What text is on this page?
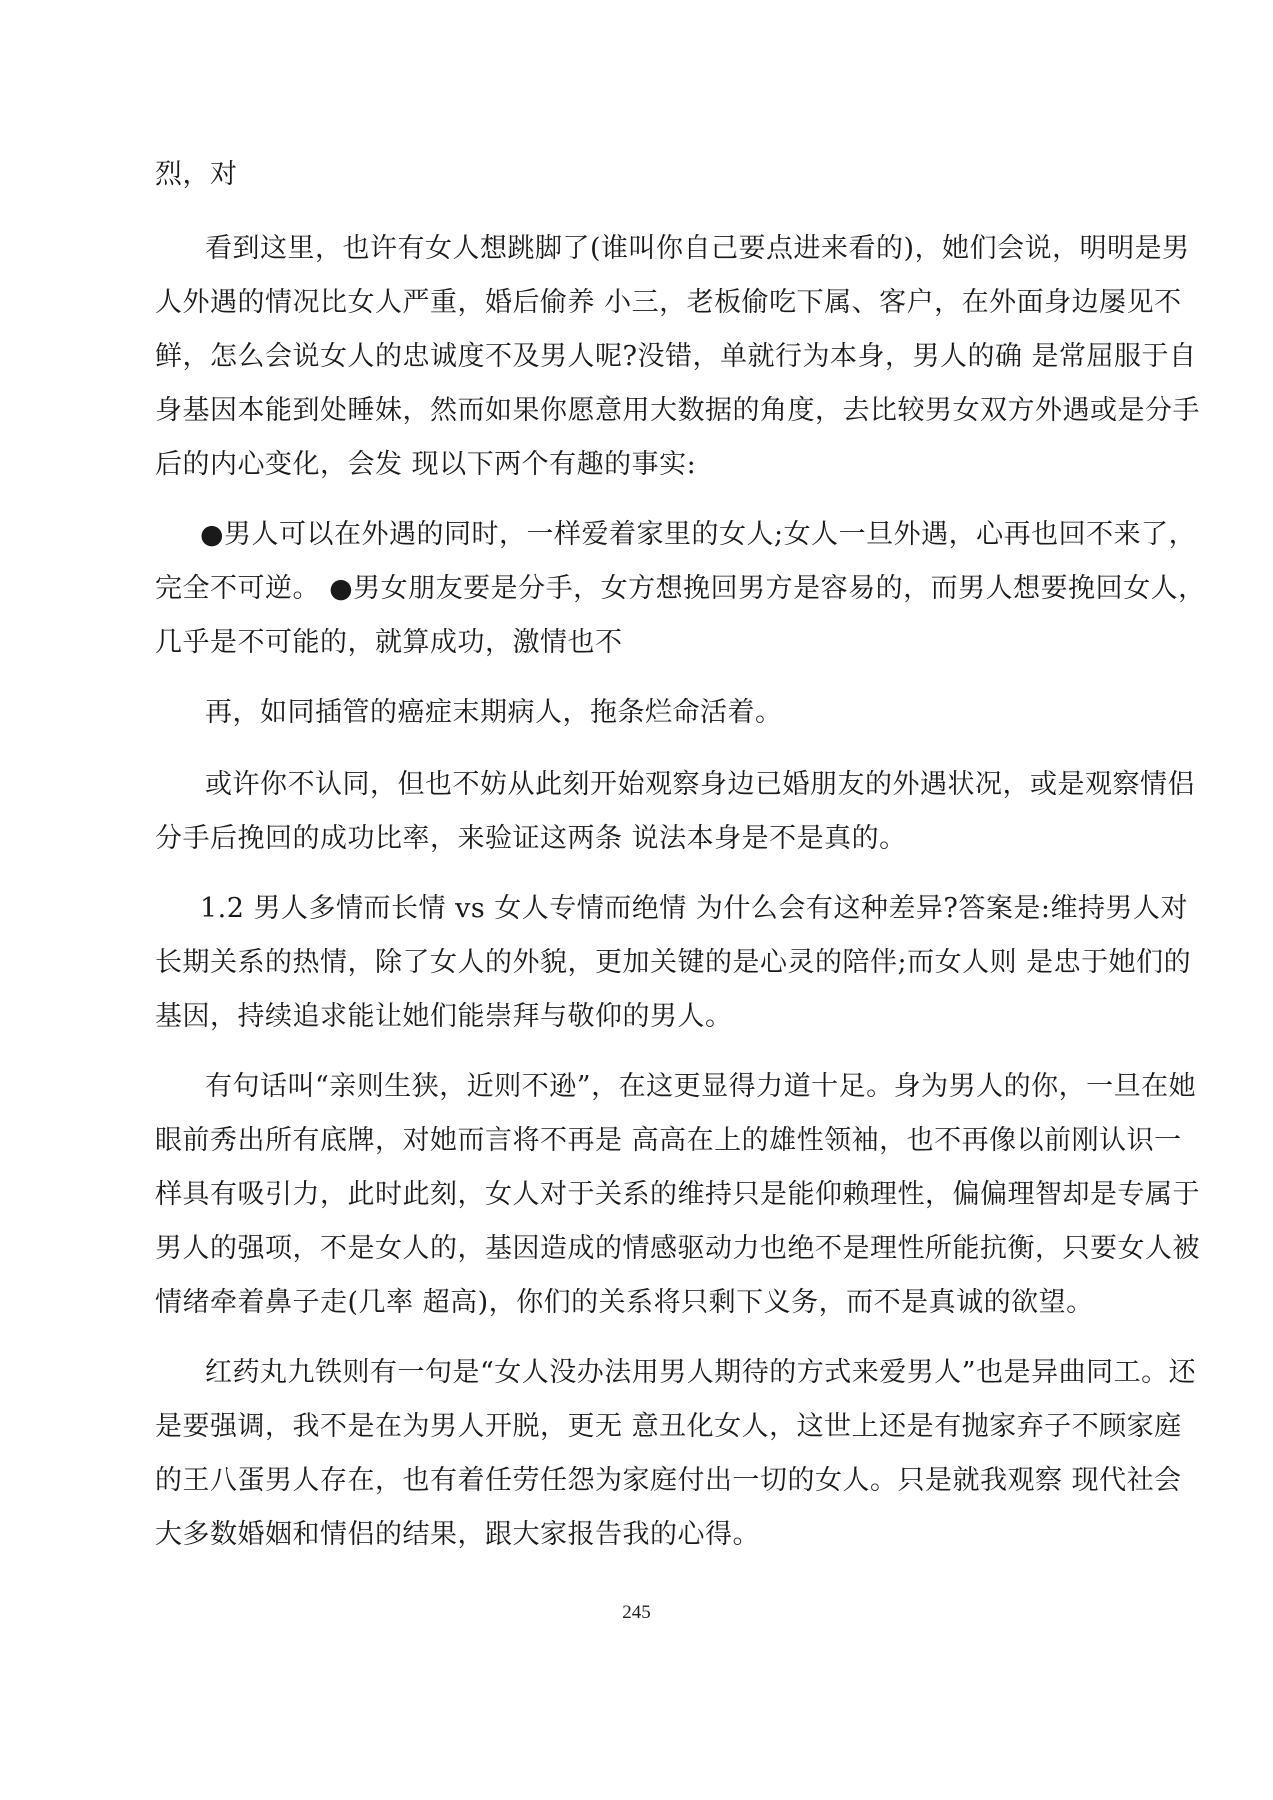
烈，对 
看到这里，也许有女人想跳脚了(谁叫你自己要点进来看的)，她们会说，明明是男
人外遇的情况比女人严重，婚后偷养 小三，老板偷吃下属、客户，在外面身边屡见不
鲜，怎么会说女人的忠诚度不及男人呢?没错，单就行为本身，男人的确 是常屈服于自
身基因本能到处睡妹，然而如果你愿意用大数据的角度，去比较男女双方外遇或是分手
后的内心变化，会发 现以下两个有趣的事实:
●男人可以在外遇的同时，一样爱着家里的女人;女人一旦外遇，心再也回不来了，
完全不可逆。 ●男女朋友要是分手，女方想挽回男方是容易的，而男人想要挽回女人，
几乎是不可能的，就算成功，激情也不
再，如同插管的癌症末期病人，拖条烂命活着。
或许你不认同，但也不妨从此刻开始观察身边已婚朋友的外遇状况，或是观察情侣
分手后挽回的成功比率，来验证这两条 说法本身是不是真的。
1.2 男人多情而长情 vs 女人专情而绝情 为什么会有这种差异?答案是:维持男人对
长期关系的热情，除了女人的外貌，更加关键的是心灵的陪伴;而女人则 是忠于她们的
基因，持续追求能让她们能崇拜与敬仰的男人。
有句话叫“亲则生狭，近则不逊”，在这更显得力道十足。身为男人的你，一旦在她
眼前秀出所有底牌，对她而言将不再是 高高在上的雄性领袖，也不再像以前刚认识一
样具有吸引力，此时此刻，女人对于关系的维持只是能仰赖理性，偏偏理智却是专属于
男人的强项，不是女人的，基因造成的情感驱动力也绝不是理性所能抗衡，只要女人被
情绪牵着鼻子走(几率 超高)，你们的关系将只剩下义务，而不是真诚的欲望。
红药丸九铁则有一句是“女人没办法用男人期待的方式来爱男人”也是异曲同工。还
是要强调，我不是在为男人开脱，更无 意丑化女人，这世上还是有抛家弃子不顾家庭
的王八蛋男人存在，也有着任劳任怨为家庭付出一切的女人。只是就我观察 现代社会
大多数婚姻和情侣的结果，跟大家报告我的心得。
245
